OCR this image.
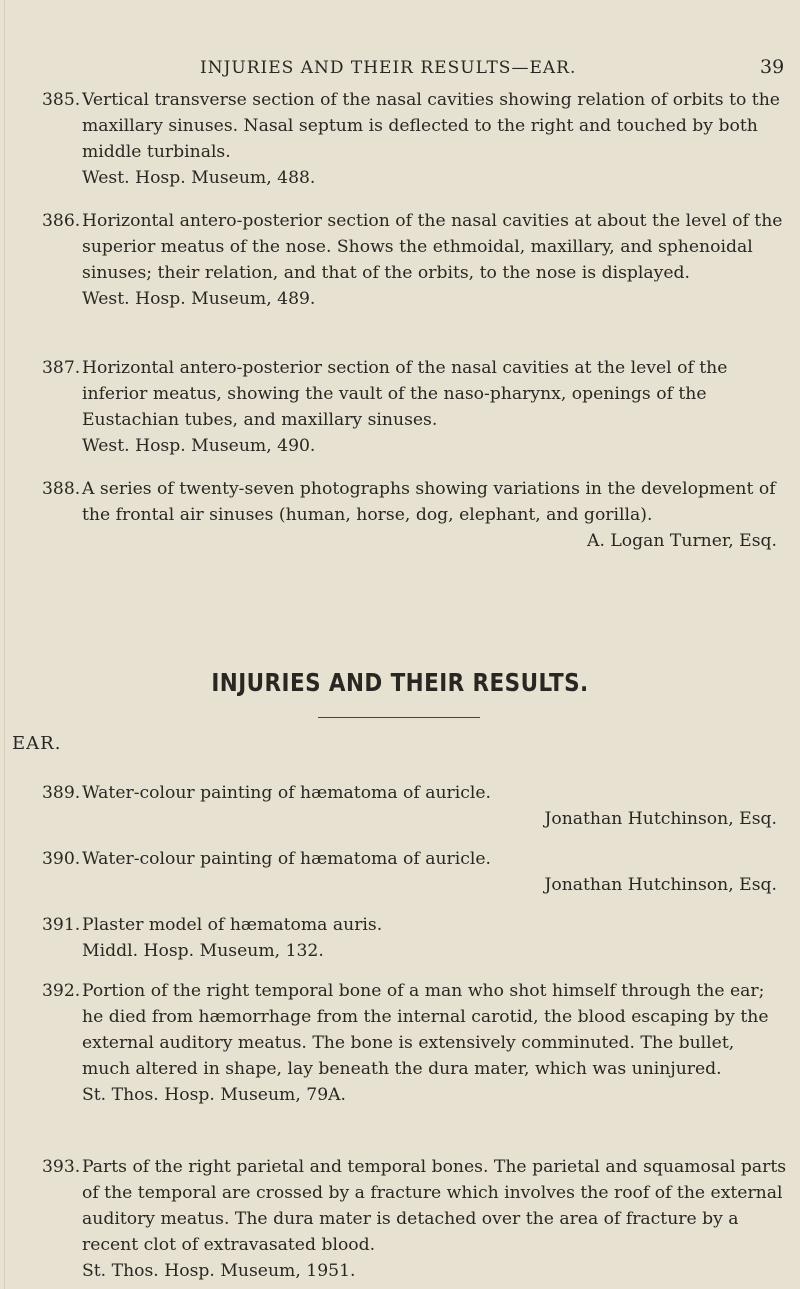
INJURIES AND THEIR RESULTS—EAR.	39
385. Vertical transverse section of the nasal cavities showing relation of orbits to the maxillary sinuses. Nasal septum is deflected to the right and touched by both middle turbinals.
West. Hosp. Museum, 488.
386. Horizontal antero-posterior section of the nasal cavities at about the level of the superior meatus of the nose. Shows the ethmoidal, maxillary, and sphenoidal sinuses; their relation, and that of the orbits, to the nose is displayed.
West. Hosp. Museum, 489.
387. Horizontal antero-posterior section of the nasal cavities at the level of the inferior meatus, showing the vault of the naso-pharynx, openings of the Eustachian tubes, and maxillary sinuses.
West. Hosp. Museum, 490.
388. A series of twenty-seven photographs showing variations in the development of the frontal air sinuses (human, horse, dog, elephant, and gorilla).
A. Logan Turner, Esq.
389. Water-colour painting of hæmatoma of auricle.
Jonathan Hutchinson, Esq.
390. Water-colour painting of hæmatoma of auricle.
Jonathan Hutchinson, Esq.
391. Plaster model of hæmatoma auris.
Middl. Hosp. Museum, 132.
392. Portion of the right temporal bone of a man who shot himself through the ear; he died from hæmorrhage from the internal carotid, the blood escaping by the external auditory meatus. The bone is extensively comminuted. The bullet, much altered in shape, lay beneath the dura mater, which was uninjured.
St. Thos. Hosp. Museum, 79A.
393. Parts of the right parietal and temporal bones. The parietal and squamosal parts of the temporal are crossed by a fracture which involves the roof of the external auditory meatus. The dura mater is detached over the area of fracture by a recent clot of extravasated blood.
St. Thos. Hosp. Museum, 1951.
INJURIES AND THEIR RESULTS.
EAR.
